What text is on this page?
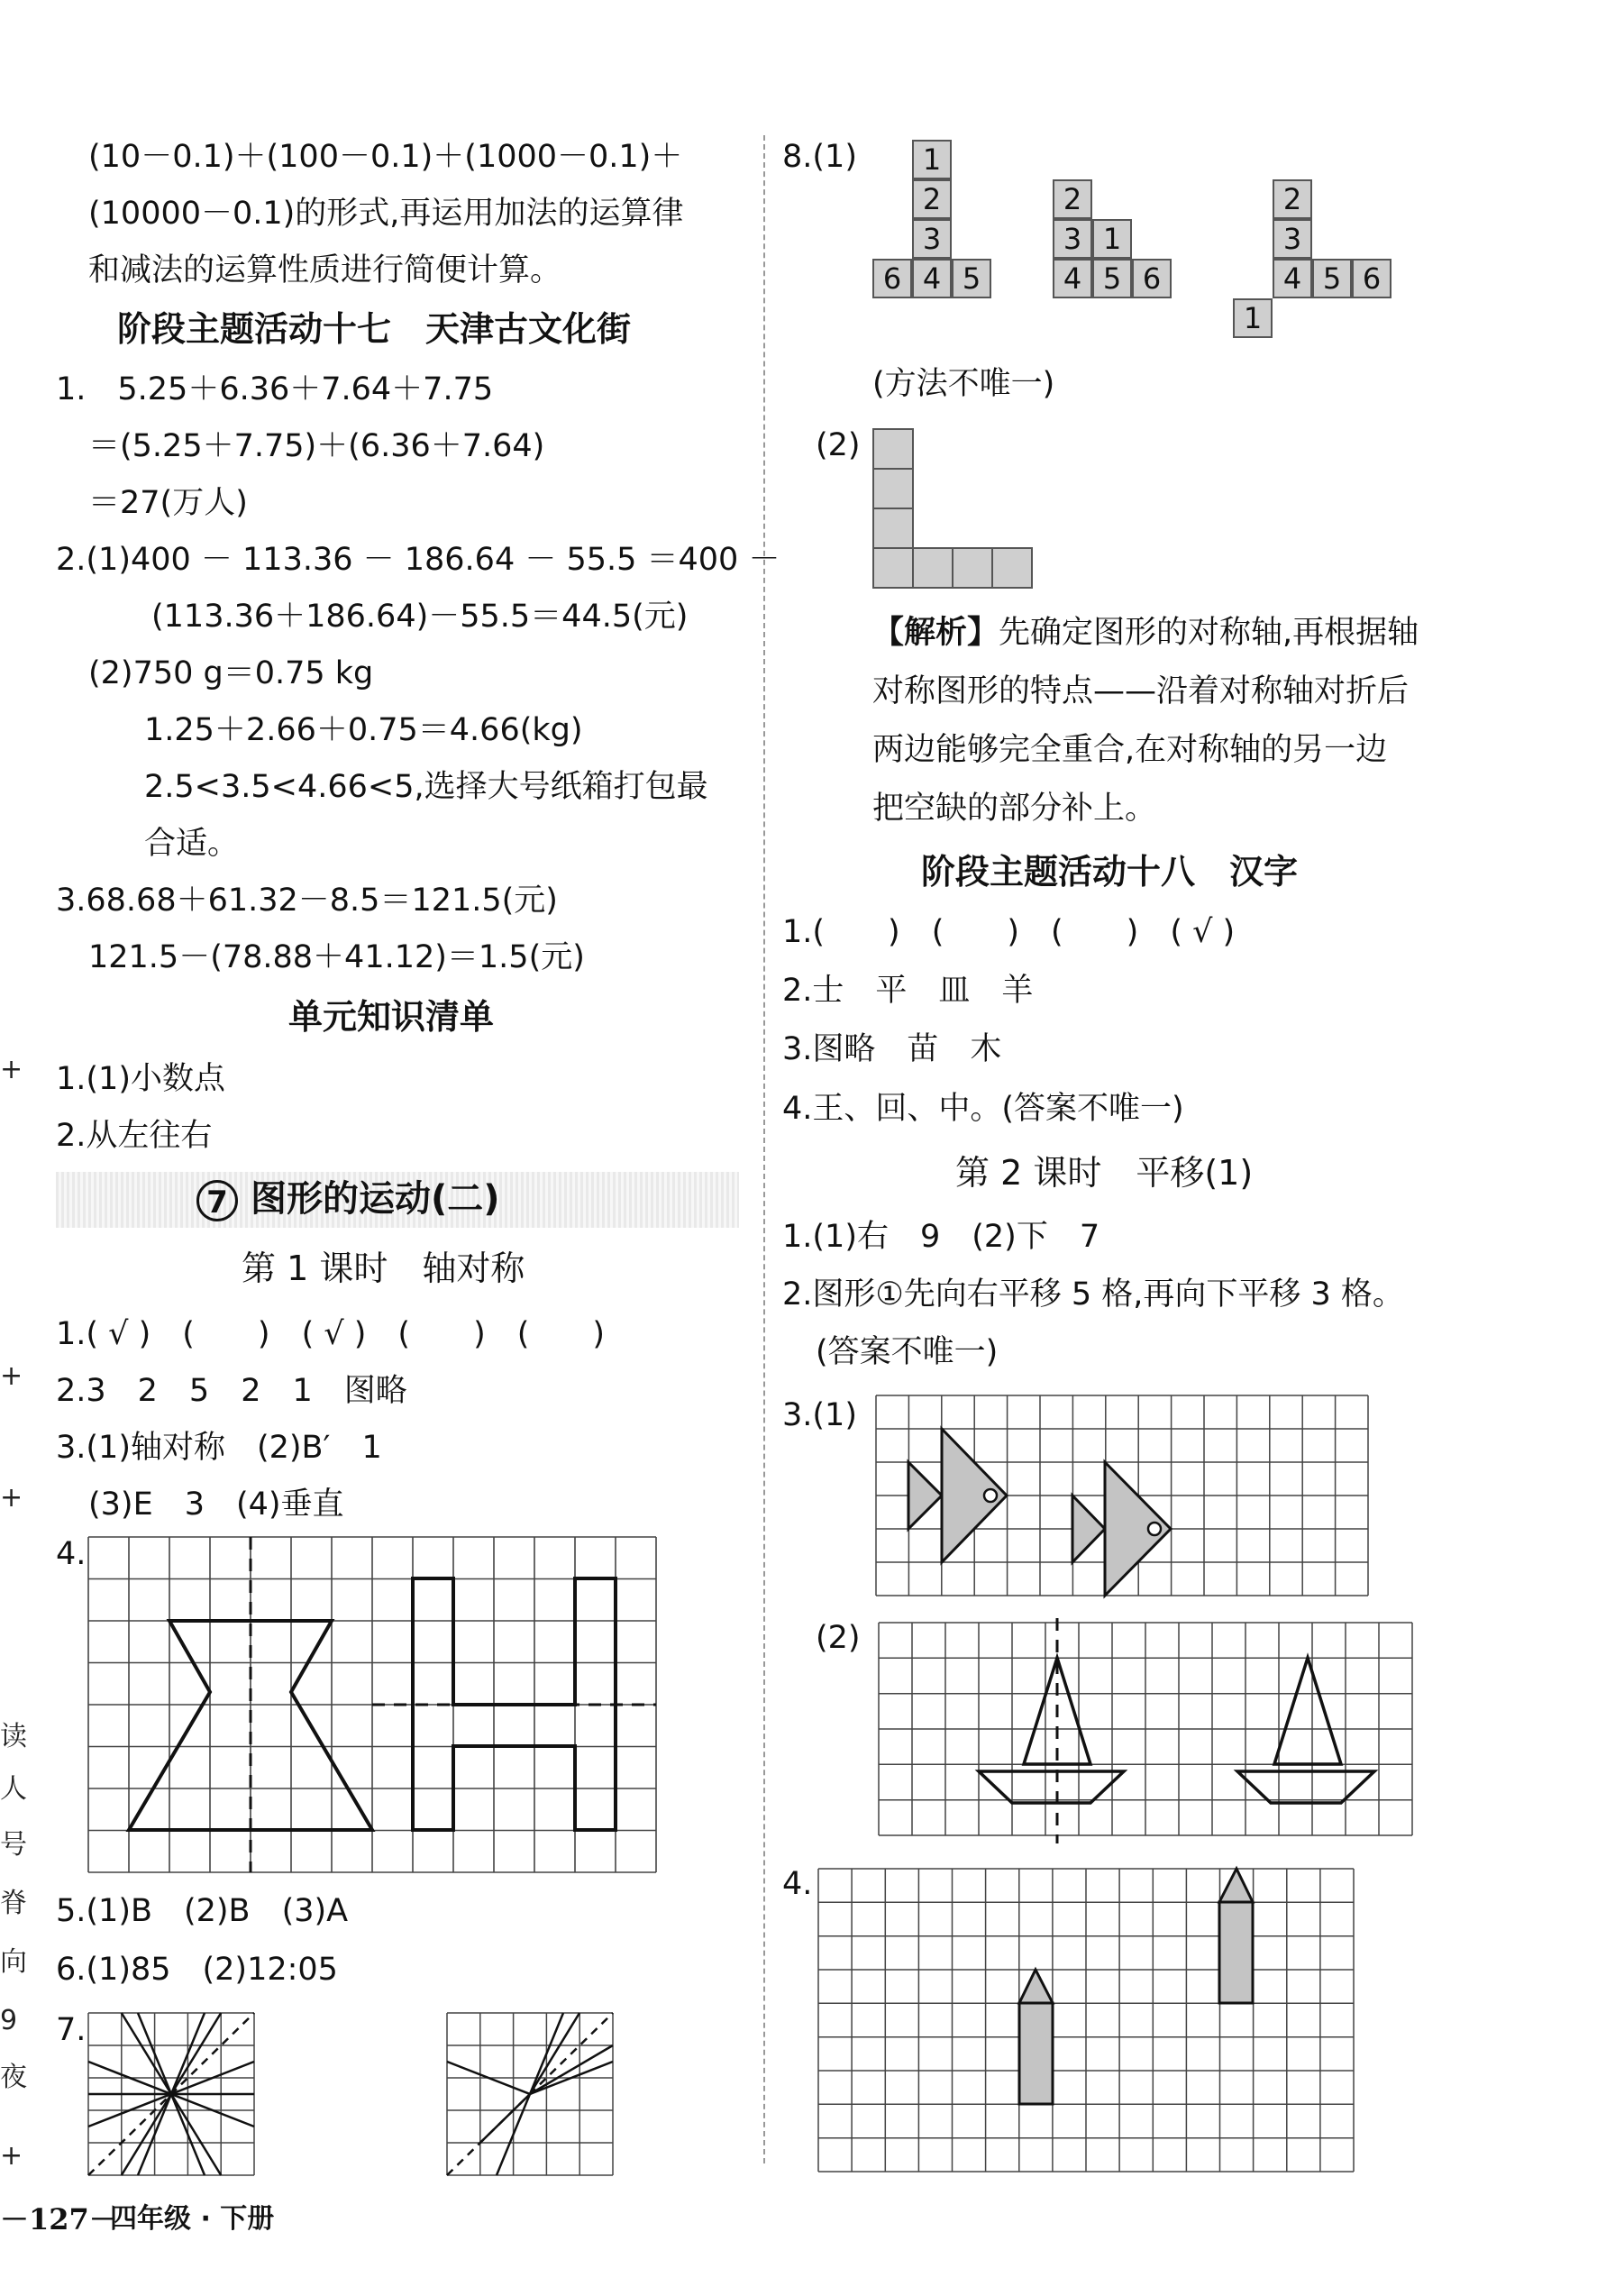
(10－0.1)＋(100－0.1)＋(1000－0.1)＋
(10000－0.1)的形式,再运用加法的运算律
和减法的运算性质进行简便计算。
阶段主题活动十七　天津古文化街
1.　5.25＋6.36＋7.64＋7.75
＝(5.25＋7.75)＋(6.36＋7.64)
＝27(万人)
2.(1)400 － 113.36 － 186.64 － 55.5 ＝400 －
(113.36＋186.64)－55.5＝44.5(元)
(2)750 g＝0.75 kg
1.25＋2.66＋0.75＝4.66(kg)
2.5<3.5<4.66<5,选择大号纸箱打包最
合适。
3.68.68＋61.32－8.5＝121.5(元)
121.5－(78.88＋41.12)＝1.5(元)
单元知识清单
1.(1)小数点
2.从左往右
7 图形的运动(二)
第 1 课时　轴对称
1.( √ )　(　　)　( √ )　(　　)　(　　)
2.3　2　5　2　1　图略
3.(1)轴对称　(2)B′　1
(3)E　3　(4)垂直
4.
5.(1)B　(2)B　(3)A
6.(1)85　(2)12:05
7.
－127－
四年级 · 下册
+
+
+
读
人
号
脊
向
9
夜
+
8.(1)	1
2
3
6 4 5
2
3 1
4 5 6
2
3
4 5 6
1
(方法不唯一)
(2)
【解析】先确定图形的对称轴,再根据轴
对称图形的特点——沿着对称轴对折后
两边能够完全重合,在对称轴的另一边
把空缺的部分补上。
阶段主题活动十八　汉字
1.(　　)　(　　)　(　　)　( √ )
2.士　平　皿　羊
3.图略　苗　木
4.王、回、中。(答案不唯一)
第 2 课时　平移(1)
1.(1)右　9　(2)下　7
2.图形①先向右平移 5 格,再向下平移 3 格。
(答案不唯一)
3.(1)
(2)
4.
